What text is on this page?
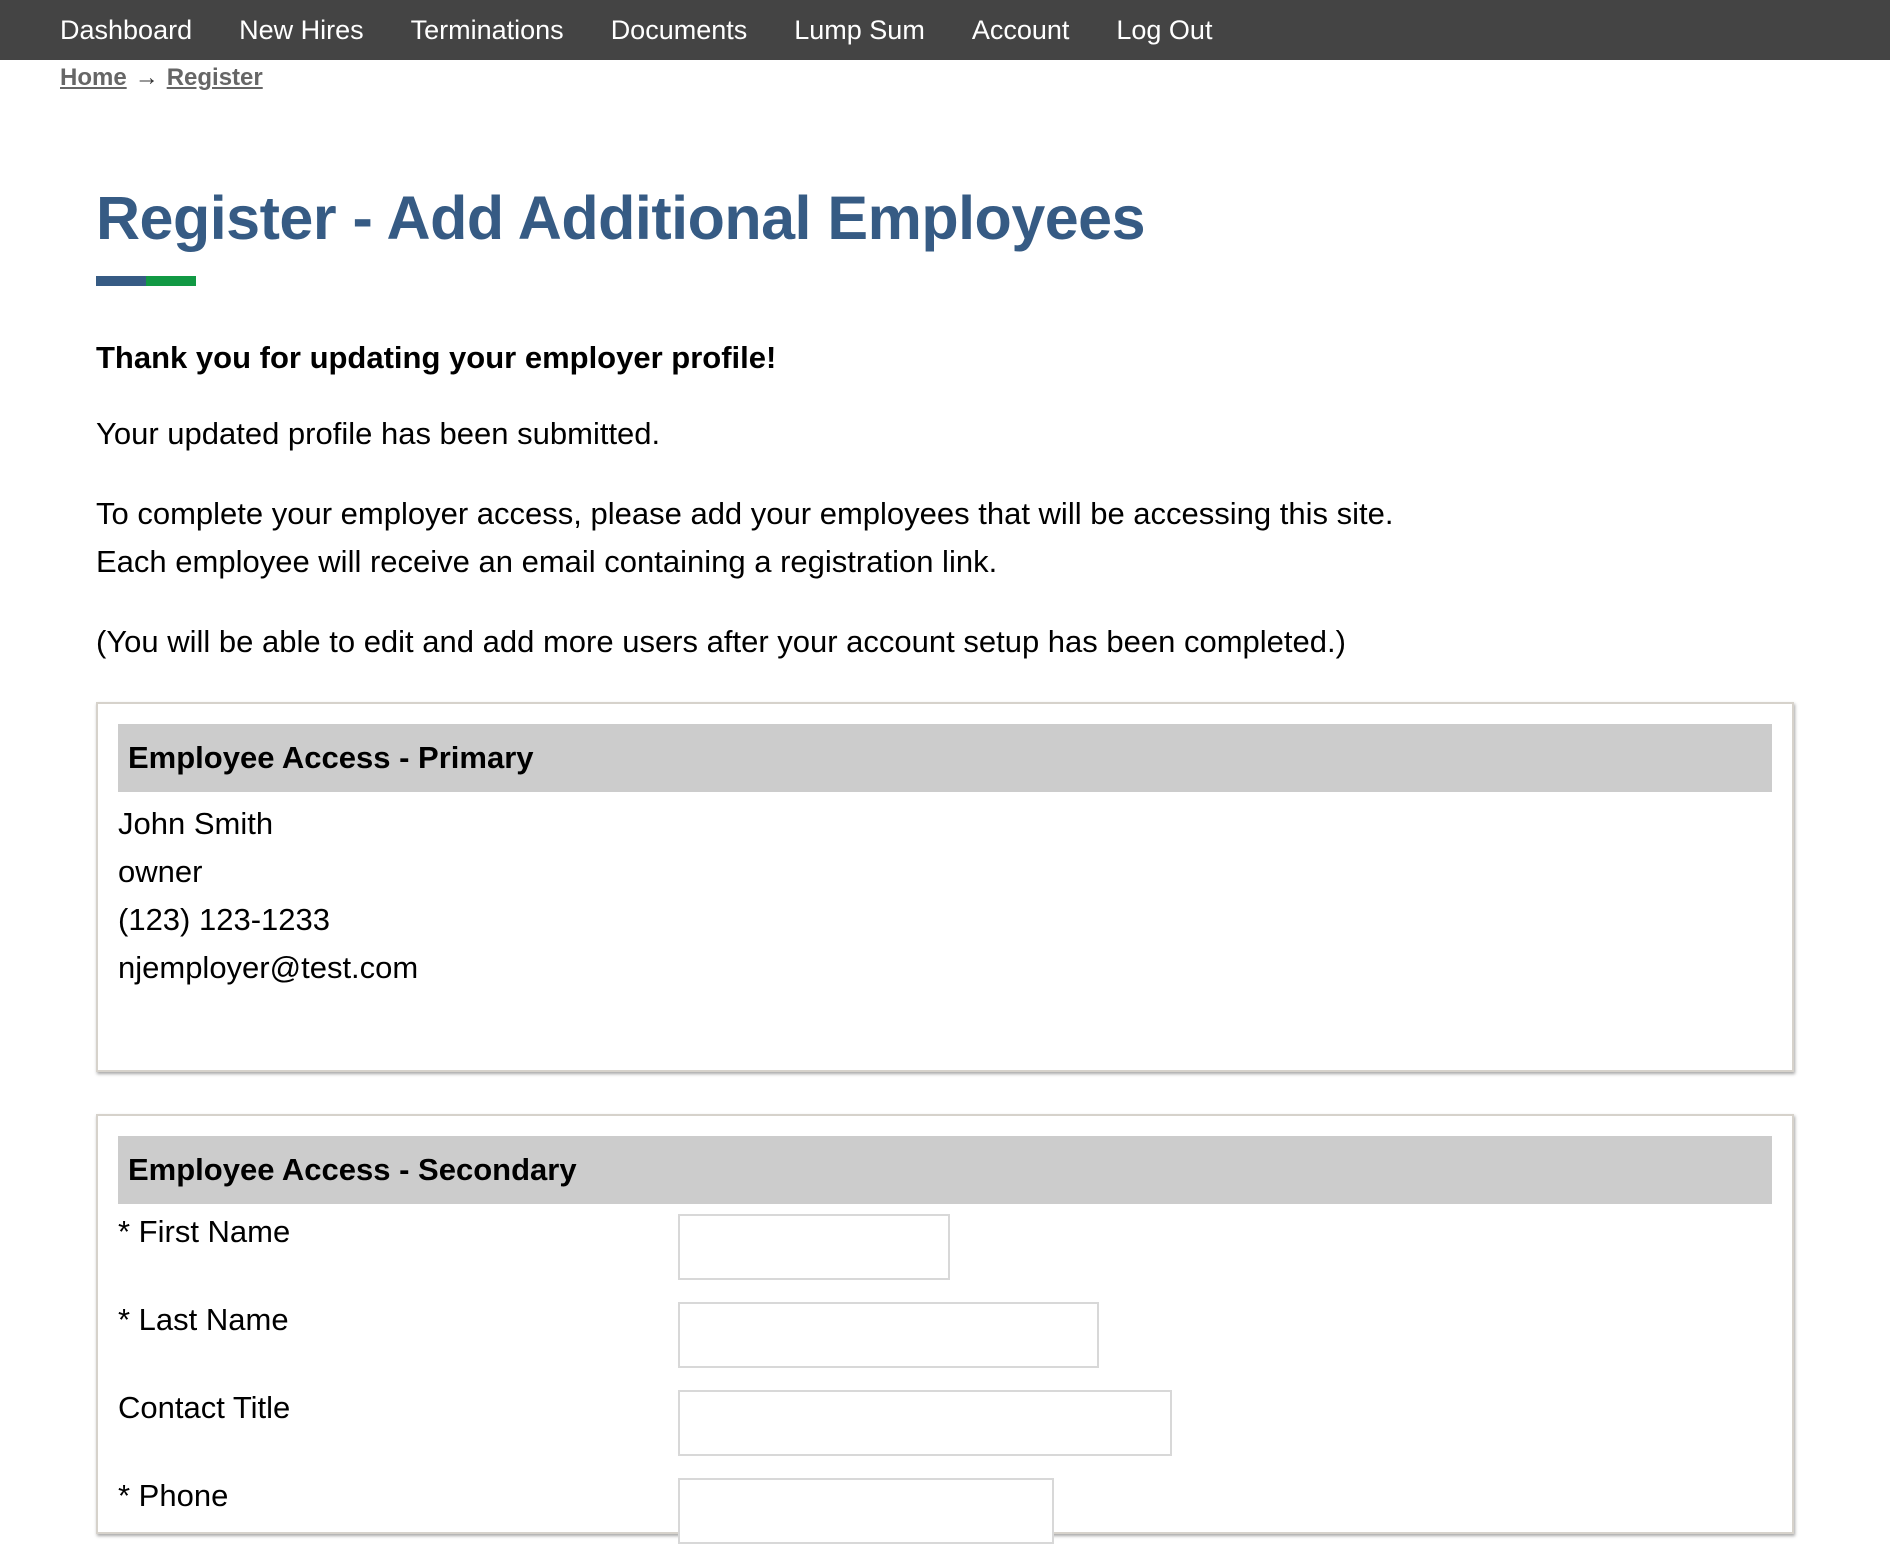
Dashboard New Hires Terminations Documents Lump Sum Account Log Out
Home → Register
Register - Add Additional Employees
Thank you for updating your employer profile!
Your updated profile has been submitted.
To complete your employer access, please add your employees that will be accessing this site.
Each employee will receive an email containing a registration link.
(You will be able to edit and add more users after your account setup has been completed.)
Employee Access - Primary
John Smith
owner
(123) 123-1233
njemployer@test.com
Employee Access - Secondary
* First Name
* Last Name
Contact Title
* Phone
